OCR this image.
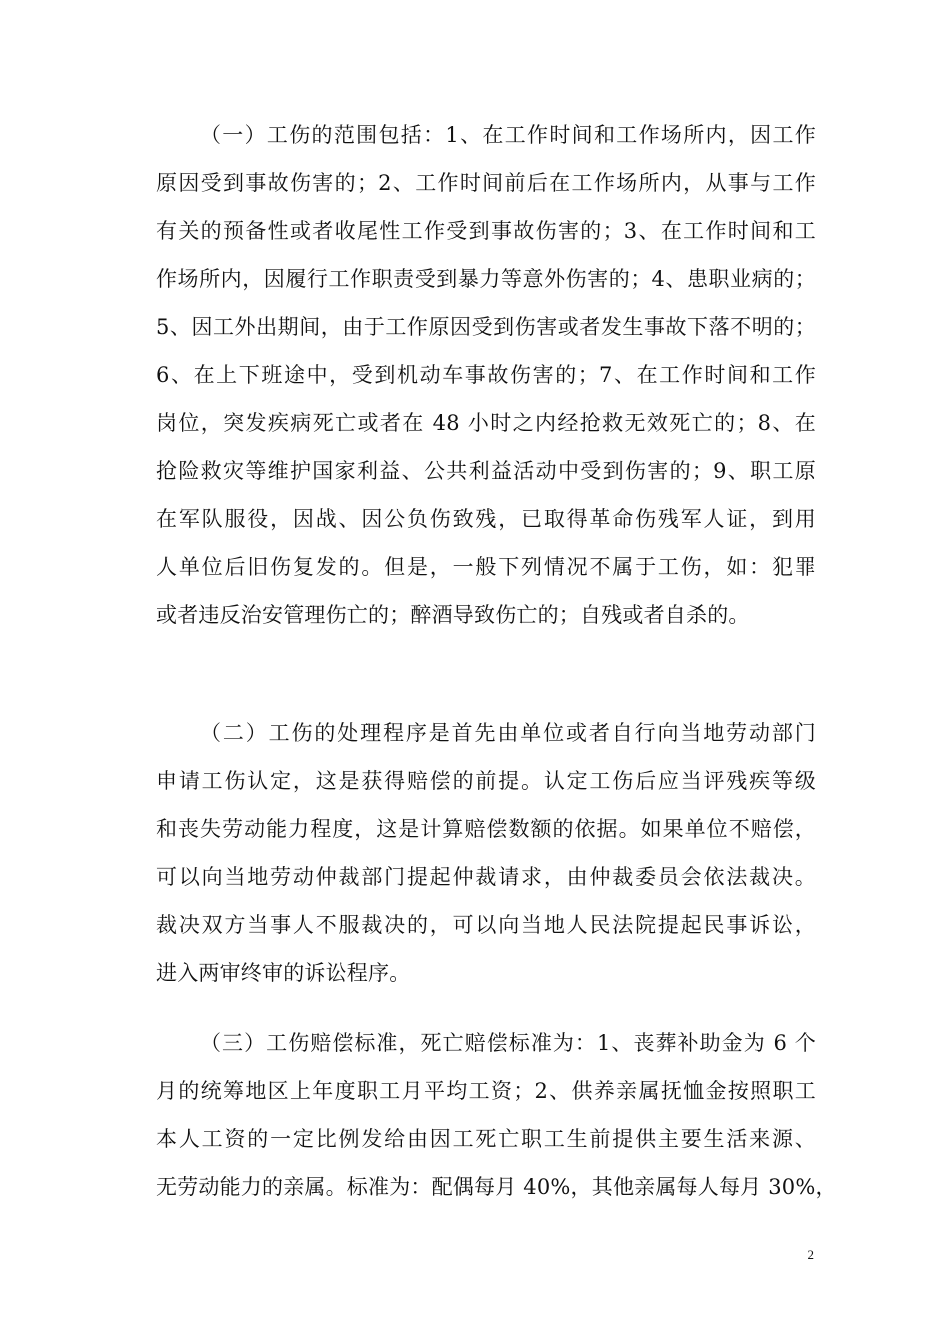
（一）工伤的范围包括：1、在工作时间和工作场所内，因工作
原因受到事故伤害的；2、工作时间前后在工作场所内，从事与工作
有关的预备性或者收尾性工作受到事故伤害的；3、在工作时间和工
作场所内，因履行工作职责受到暴力等意外伤害的；4、患职业病的；
5、因工外出期间，由于工作原因受到伤害或者发生事故下落不明的；
6、在上下班途中，受到机动车事故伤害的；7、在工作时间和工作
岗位，突发疾病死亡或者在 48 小时之内经抢救无效死亡的；8、在
抢险救灾等维护国家利益、公共利益活动中受到伤害的；9、职工原
在军队服役，因战、因公负伤致残，已取得革命伤残军人证，到用
人单位后旧伤复发的。但是，一般下列情况不属于工伤，如：犯罪
或者违反治安管理伤亡的；醉酒导致伤亡的；自残或者自杀的。
（二）工伤的处理程序是首先由单位或者自行向当地劳动部门
申请工伤认定，这是获得赔偿的前提。认定工伤后应当评残疾等级
和丧失劳动能力程度，这是计算赔偿数额的依据。如果单位不赔偿，
可以向当地劳动仲裁部门提起仲裁请求，由仲裁委员会依法裁决。
裁决双方当事人不服裁决的，可以向当地人民法院提起民事诉讼，
进入两审终审的诉讼程序。
（三）工伤赔偿标准，死亡赔偿标准为：1、丧葬补助金为 6 个
月的统筹地区上年度职工月平均工资；2、供养亲属抚恤金按照职工
本人工资的一定比例发给由因工死亡职工生前提供主要生活来源、
无劳动能力的亲属。标准为：配偶每月 40%，其他亲属每人每月 30%，
2
